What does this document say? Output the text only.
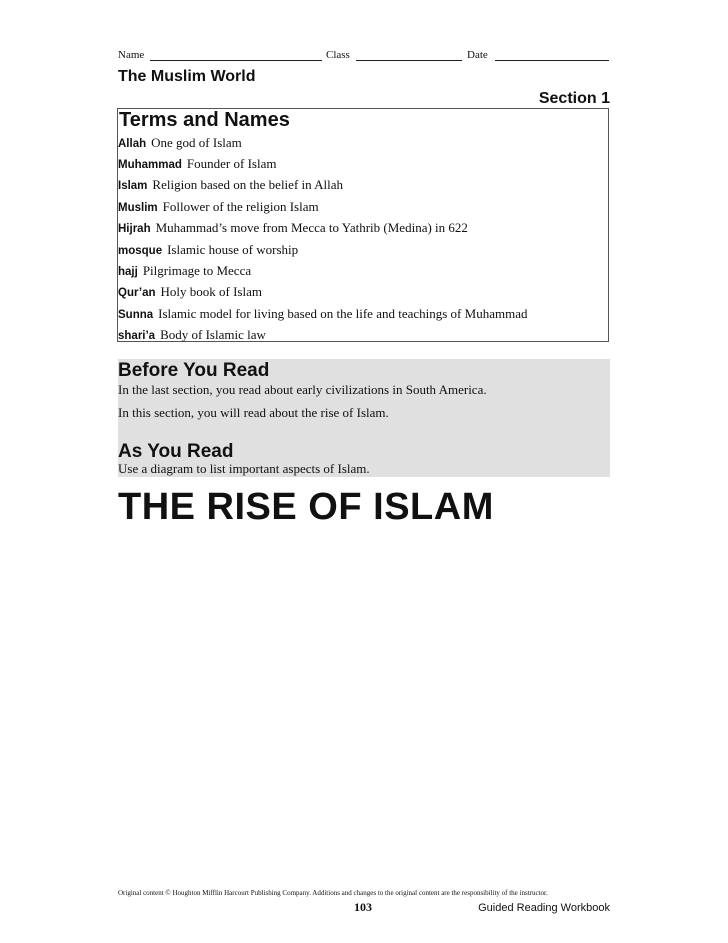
Name	Class	Date
The Muslim World
Section 1
Terms and Names
Allah One god of Islam
Muhammad Founder of Islam
Islam Religion based on the belief in Allah
Muslim Follower of the religion Islam
Hijrah Muhammad’s move from Mecca to Yathrib (Medina) in 622
mosque Islamic house of worship
hajj Pilgrimage to Mecca
Qur’an Holy book of Islam
Sunna Islamic model for living based on the life and teachings of Muhammad
shari’a Body of Islamic law
Before You Read
In the last section, you read about early civilizations in South America.
In this section, you will read about the rise of Islam.
As You Read
Use a diagram to list important aspects of Islam.
THE RISE OF ISLAM
Original content © Houghton Mifflin Harcourt Publishing Company. Additions and changes to the original content are the responsibility of the instructor.
103	Guided Reading Workbook
